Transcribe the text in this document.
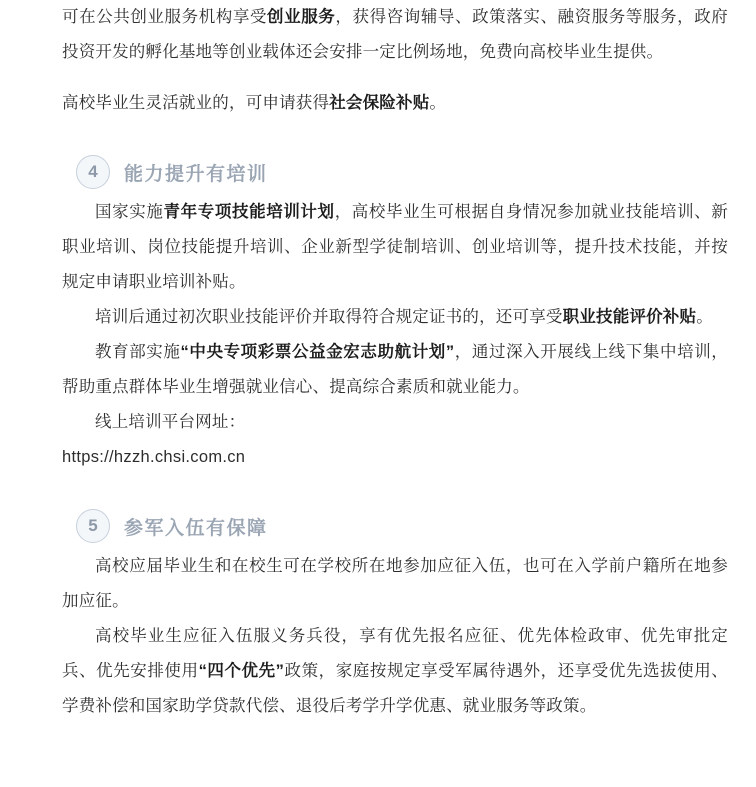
可在公共创业服务机构享受创业服务，获得咨询辅导、政策落实、融资服务等服务，政府投资开发的孵化基地等创业载体还会安排一定比例场地，免费向高校毕业生提供。

高校毕业生灵活就业的，可申请获得社会保险补贴。

4	能力提升有培训

国家实施青年专项技能培训计划，高校毕业生可根据自身情况参加就业技能培训、新职业培训、岗位技能提升培训、企业新型学徒制培训、创业培训等，提升技术技能，并按规定申请职业培训补贴。

培训后通过初次职业技能评价并取得符合规定证书的，还可享受职业技能评价补贴。

教育部实施“中央专项彩票公益金宏志助航计划”，通过深入开展线上线下集中培训，帮助重点群体毕业生增强就业信心、提高综合素质和就业能力。

线上培训平台网址：

https://hzzh.chsi.com.cn
5	参军入伍有保障

高校应届毕业生和在校生可在学校所在地参加应征入伍，也可在入学前户籍所在地参加应征。

高校毕业生应征入伍服义务兵役，享有优先报名应征、优先体检政审、优先审批定兵、优先安排使用“四个优先”政策，家庭按规定享受军属待遇外，还享受优先选拔使用、学费补偿和国家助学贷款代偿、退役后考学升学优惠、就业服务等政策。
